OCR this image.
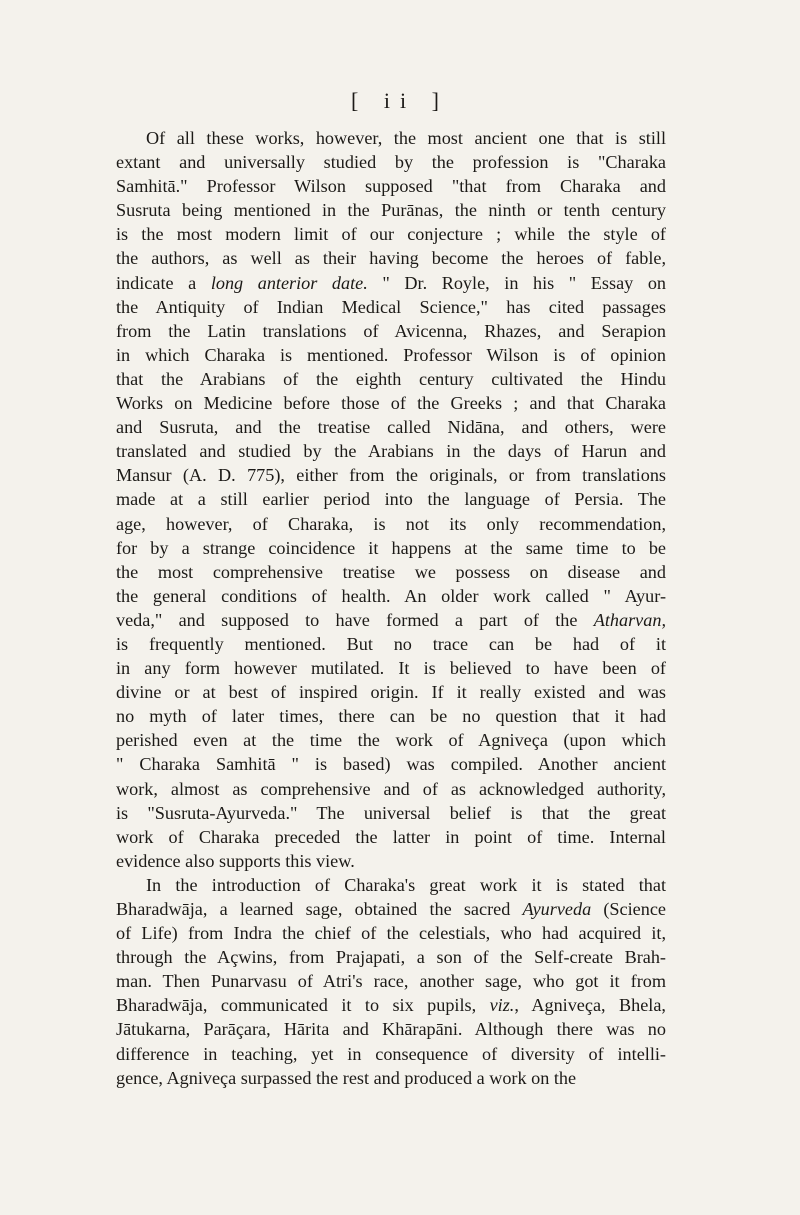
[ ii ]
Of all these works, however, the most ancient one that is still
extant and universally studied by the profession is "Charaka
Samhitā." Professor Wilson supposed "that from Charaka and
Susruta being mentioned in the Purānas, the ninth or tenth century
is the most modern limit of our conjecture ; while the style of
the authors, as well as their having become the heroes of fable,
indicate a long anterior date. " Dr. Royle, in his " Essay on
the Antiquity of Indian Medical Science," has cited passages
from the Latin translations of Avicenna, Rhazes, and Serapion
in which Charaka is mentioned. Professor Wilson is of opinion
that the Arabians of the eighth century cultivated the Hindu
Works on Medicine before those of the Greeks ; and that Charaka
and Susruta, and the treatise called Nidāna, and others, were
translated and studied by the Arabians in the days of Harun and
Mansur (A. D. 775), either from the originals, or from translations
made at a still earlier period into the language of Persia. The
age, however, of Charaka, is not its only recommendation,
for by a strange coincidence it happens at the same time to be
the most comprehensive treatise we possess on disease and
the general conditions of health. An older work called " Ayur-
veda," and supposed to have formed a part of the Atharvan,
is frequently mentioned. But no trace can be had of it
in any form however mutilated. It is believed to have been of
divine or at best of inspired origin. If it really existed and was
no myth of later times, there can be no question that it had
perished even at the time the work of Agniveça (upon which
" Charaka Samhitā " is based) was compiled. Another ancient
work, almost as comprehensive and of as acknowledged authority,
is "Susruta-Ayurveda." The universal belief is that the great
work of Charaka preceded the latter in point of time. Internal
evidence also supports this view.
In the introduction of Charaka's great work it is stated that
Bharadwāja, a learned sage, obtained the sacred Ayurveda (Science
of Life) from Indra the chief of the celestials, who had acquired it,
through the Açwins, from Prajapati, a son of the Self-create Brah-
man. Then Punarvasu of Atri's race, another sage, who got it from
Bharadwāja, communicated it to six pupils, viz., Agniveça, Bhela,
Jātukarna, Parāçara, Hārita and Khārapāni. Although there was no
difference in teaching, yet in consequence of diversity of intelli-
gence, Agniveça surpassed the rest and produced a work on the
